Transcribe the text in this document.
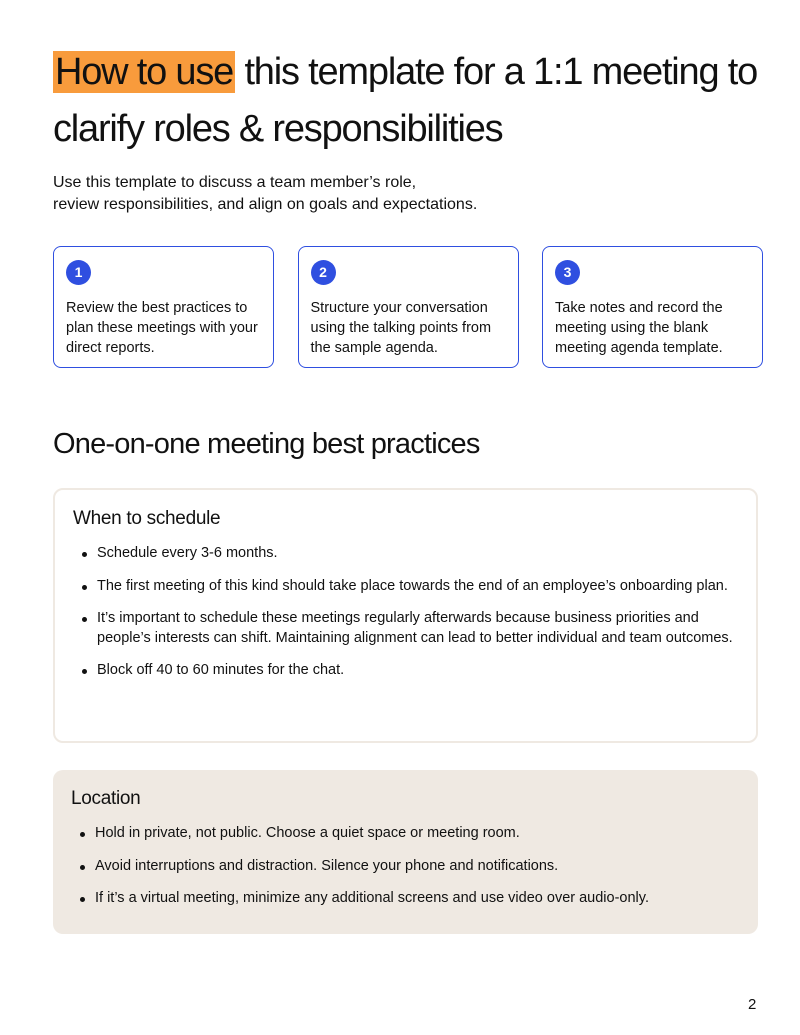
How to use this template for a 1:1 meeting to clarify roles & responsibilities

Use this template to discuss a team member’s role,
review responsibilities, and align on goals and expectations.

1
Review the best practices to plan these meetings with your direct reports.
2
Structure your conversation using the talking points from the sample agenda.
3
Take notes and record the meeting using the blank meeting agenda template.
One-on-one meeting best practices
When to schedule
Schedule every 3-6 months.
The first meeting of this kind should take place towards the end of an employee’s onboarding plan.
It’s important to schedule these meetings regularly afterwards because business priorities and people’s interests can shift. Maintaining alignment can lead to better individual and team outcomes.
Block off 40 to 60 minutes for the chat.
Location
Hold in private, not public. Choose a quiet space or meeting room.
Avoid interruptions and distraction. Silence your phone and notifications.
If it’s a virtual meeting, minimize any additional screens and use video over audio-only.
2
